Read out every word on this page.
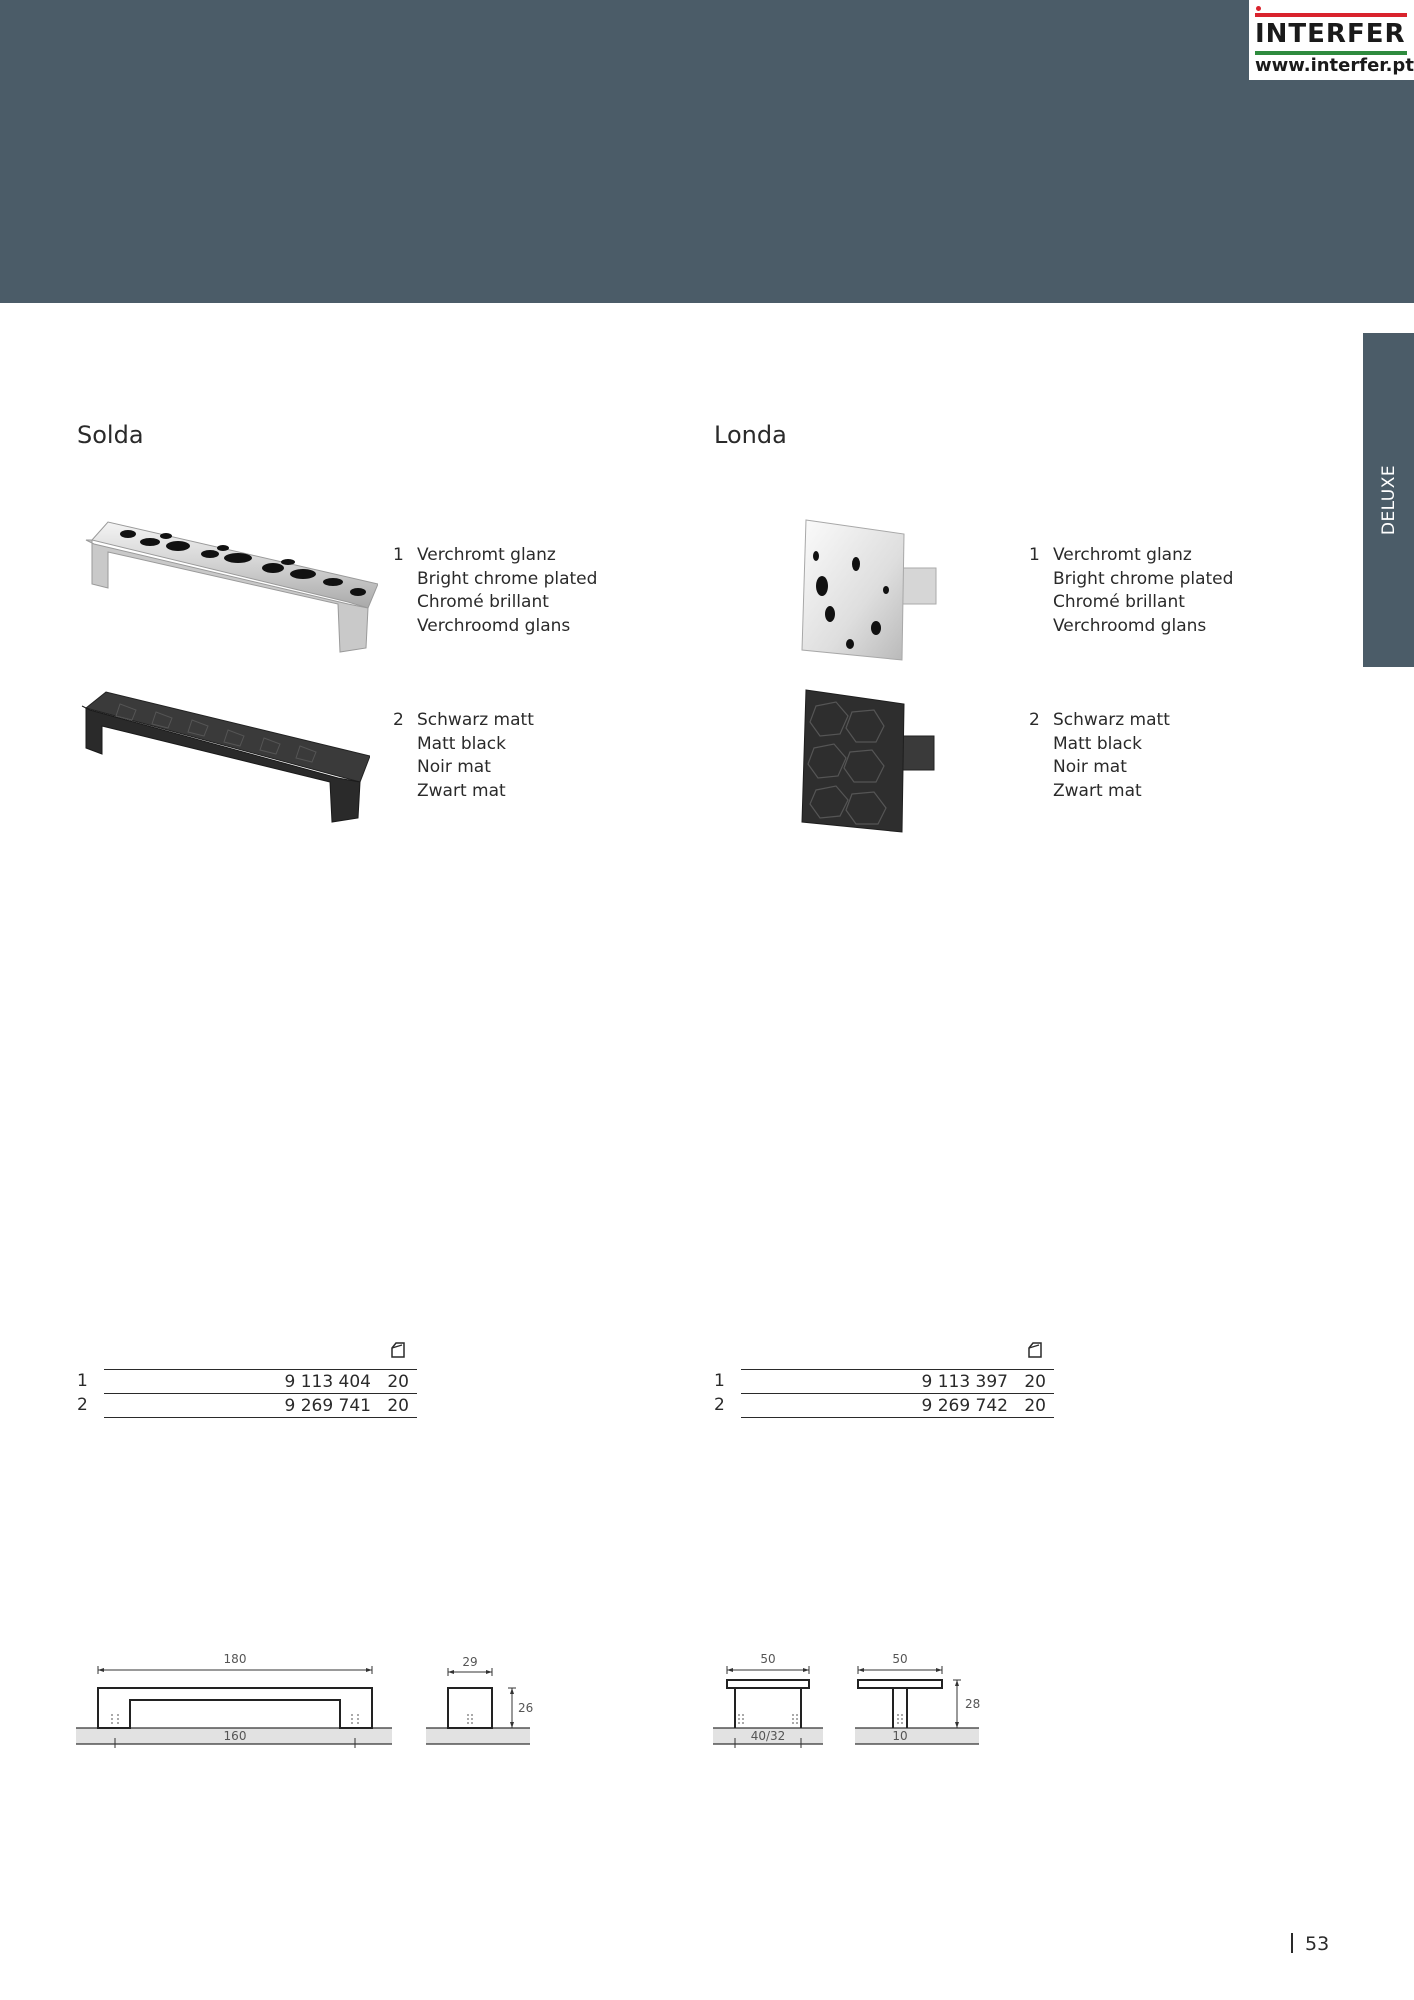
INTERFER
www.interfer.pt
DELUXE
Solda
1 Verchromt glanz
Bright chrome plated
Chromé brillant
Verchroomd glans
2 Schwarz matt
Matt black
Noir mat
Zwart mat
1	9 113 404 20
2	9 269 741 20
180
160
29
26
Londa
1 Verchromt glanz
Bright chrome plated
Chromé brillant
Verchroomd glans
2 Schwarz matt
Matt black
Noir mat
Zwart mat
1	9 113 397 20
2	9 269 742 20
50
40/32
50
28
10
53
